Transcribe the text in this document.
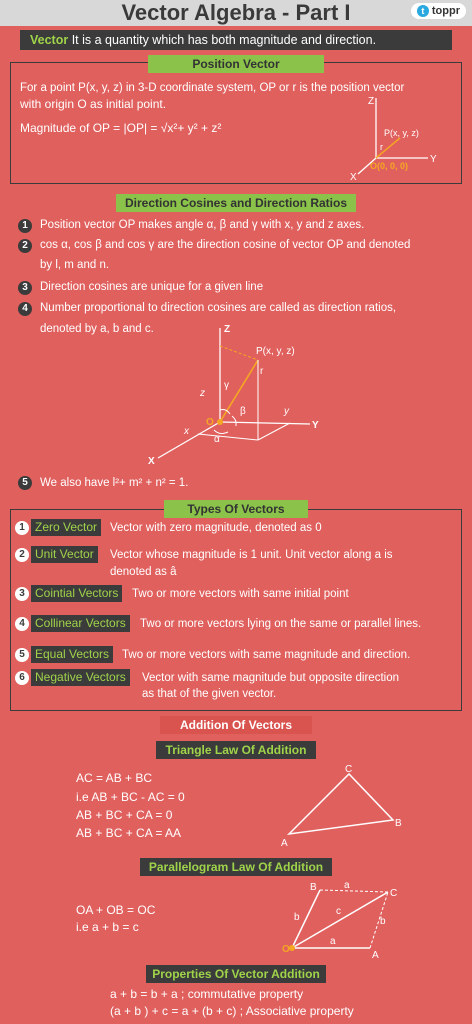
Vector Algebra - Part I	t toppr
Vector It is a quantity which has both magnitude and direction.
Position Vector
For a point P(x, y, z) in 3-D coordinate system, OP or r is the position vector
with origin O as initial point.
Magnitude of OP = |OP| = √x²+ y² + z²
Z
Y
X
P(x, y, z)
r
O(0, 0, 0)
Direction Cosines and Direction Ratios
1	Position vector OP makes angle α, β and γ with x, y and z axes.
2	cos α, cos β and cos γ are the direction cosine of vector OP and denoted
by l, m and n.
3	Direction cosines are unique for a given line
4	Number proportional to direction cosines are called as direction ratios,
denoted by a, b and c.	Z
Y
X
P(x, y, z)
r
O
z
y
x
α
β
γ
5	We also have l²+ m² + n² = 1.
Types Of Vectors
1 Zero Vector	Vector with zero magnitude, denoted as 0
2 Unit Vector	Vector whose magnitude is 1 unit. Unit vector along a is
denoted as â
3 Cointial Vectors	Two or more vectors with same initial point
4 Collinear Vectors	Two or more vectors lying on the same or parallel lines.
5 Equal Vectors	Two or more vectors with same magnitude and direction.
6 Negative Vectors	Vector with same magnitude but opposite direction
as that of the given vector.
Addition Of Vectors
Triangle Law Of Addition
AC = AB + BC
i.e AB + BC - AC = 0
AB + BC + CA = 0
AB + BC + CA = AA
A
C
B
Parallelogram Law Of Addition
OA + OB = OC
i.e a + b = c
O
A
B
C
a
b
c
a
b
Properties Of Vector Addition
a + b = b + a ; commutative property
(a + b ) + c = a + (b + c) ; Associative property
